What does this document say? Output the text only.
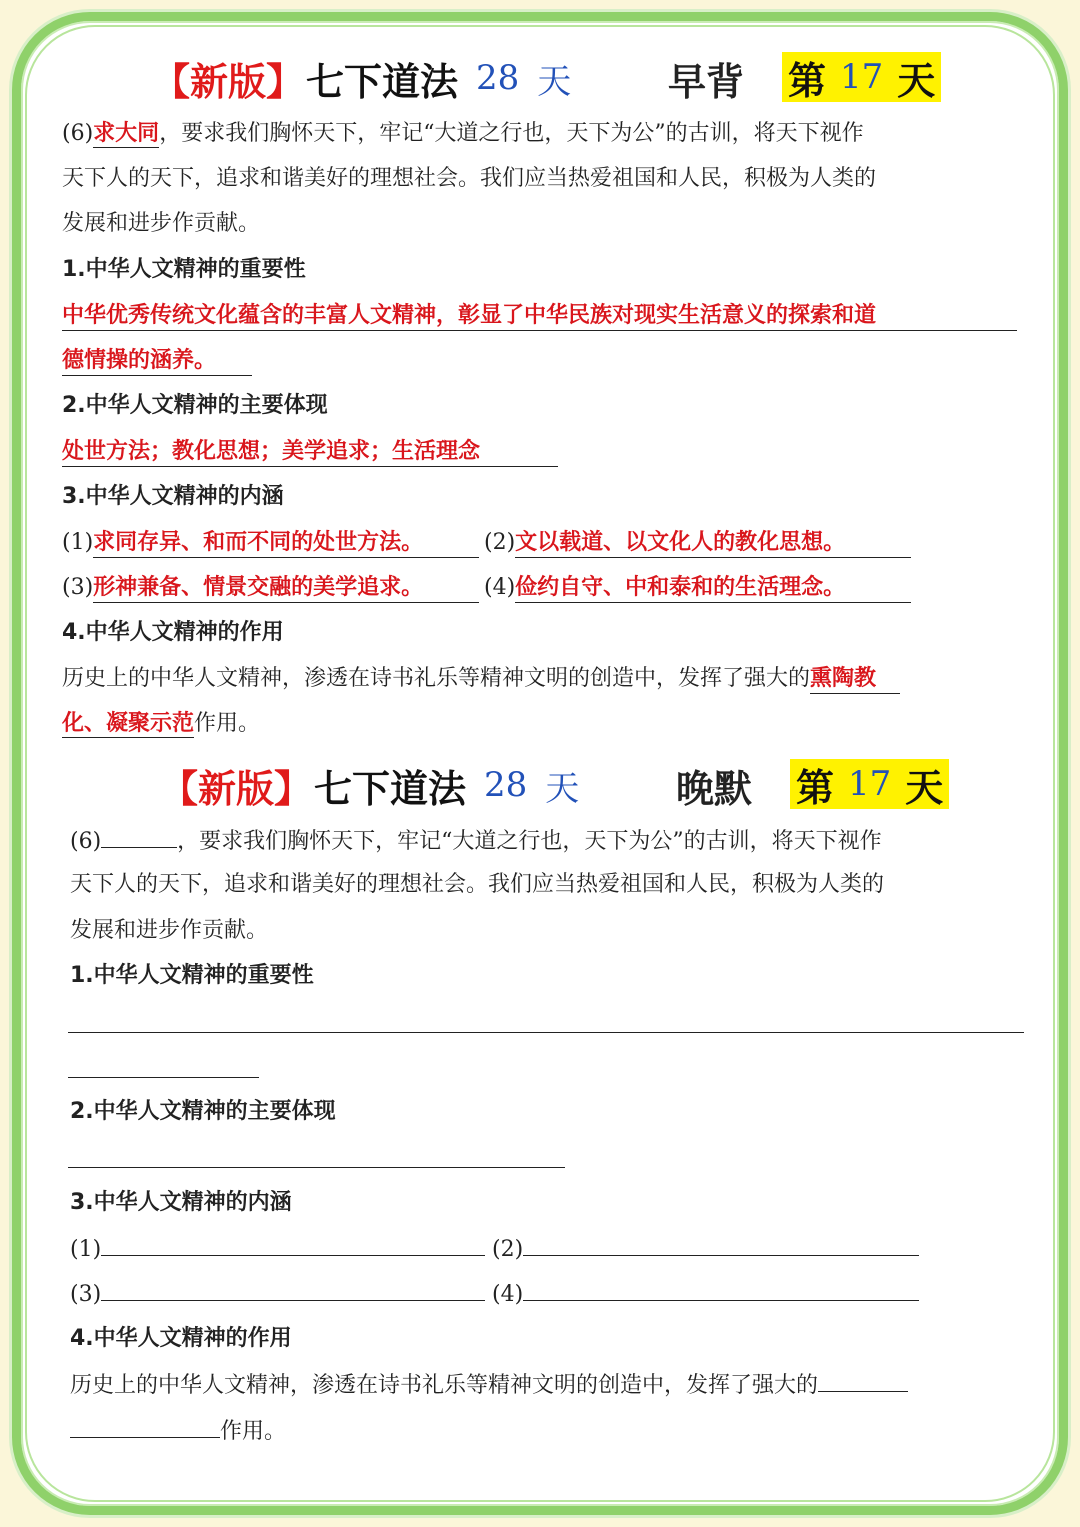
【新版】 七下道法 28 天	早背 第 17 天
(6)求大同，要求我们胸怀天下，牢记“大道之行也，天下为公”的古训，将天下视作
天下人的天下，追求和谐美好的理想社会。我们应当热爱祖国和人民，积极为人类的
发展和进步作贡献。
1.中华人文精神的重要性
中华优秀传统文化蕴含的丰富人文精神，彰显了中华民族对现实生活意义的探索和道
德情操的涵养。
2.中华人文精神的主要体现
处世方法；教化思想；美学追求；生活理念
3.中华人文精神的内涵
(1)求同存异、和而不同的处世方法。	(2)文以载道、以文化人的教化思想。
(3)形神兼备、情景交融的美学追求。	(4)俭约自守、中和泰和的生活理念。
4.中华人文精神的作用
历史上的中华人文精神，渗透在诗书礼乐等精神文明的创造中，发挥了强大的熏陶教
化、凝聚示范作用。
【新版】 七下道法 28 天	晚默 第 17 天
(6)	，要求我们胸怀天下，牢记“大道之行也，天下为公”的古训，将天下视作
天下人的天下，追求和谐美好的理想社会。我们应当热爱祖国和人民，积极为人类的
发展和进步作贡献。
1.中华人文精神的重要性
2.中华人文精神的主要体现
3.中华人文精神的内涵
(1)	(2)
(3)	(4)
4.中华人文精神的作用
历史上的中华人文精神，渗透在诗书礼乐等精神文明的创造中，发挥了强大的
作用。
